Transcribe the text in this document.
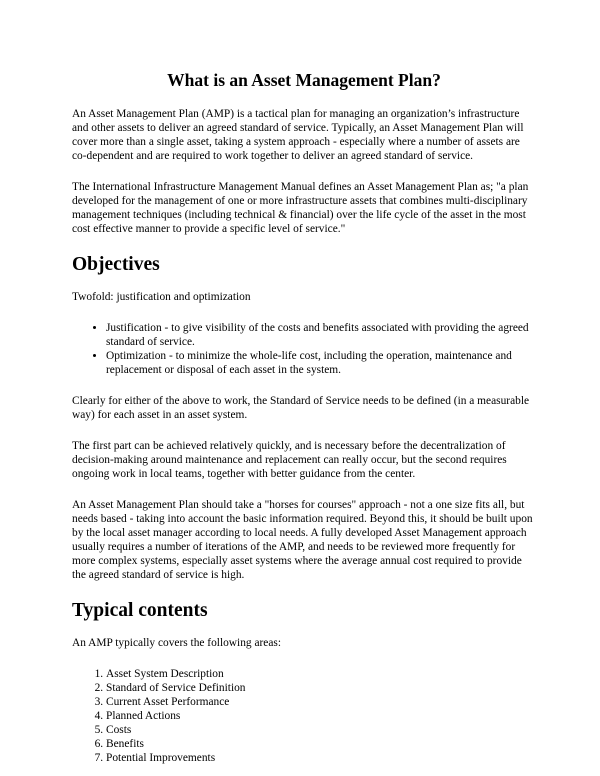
What is an Asset Management Plan?

An Asset Management Plan (AMP) is a tactical plan for managing an organization’s infrastructure and other assets to deliver an agreed standard of service. Typically, an Asset Management Plan will cover more than a single asset, taking a system approach - especially where a number of assets are co-dependent and are required to work together to deliver an agreed standard of service.

The International Infrastructure Management Manual defines an Asset Management Plan as; "a plan developed for the management of one or more infrastructure assets that combines multi-disciplinary management techniques (including technical & financial) over the life cycle of the asset in the most cost effective manner to provide a specific level of service."

Objectives

Twofold: justification and optimization

• Justification - to give visibility of the costs and benefits associated with providing the agreed standard of service.
• Optimization - to minimize the whole-life cost, including the operation, maintenance and replacement or disposal of each asset in the system.

Clearly for either of the above to work, the Standard of Service needs to be defined (in a measurable way) for each asset in an asset system.

The first part can be achieved relatively quickly, and is necessary before the decentralization of decision-making around maintenance and replacement can really occur, but the second requires ongoing work in local teams, together with better guidance from the center.

An Asset Management Plan should take a "horses for courses" approach - not a one size fits all, but needs based - taking into account the basic information required. Beyond this, it should be built upon by the local asset manager according to local needs. A fully developed Asset Management approach usually requires a number of iterations of the AMP, and needs to be reviewed more frequently for more complex systems, especially asset systems where the average annual cost required to provide the agreed standard of service is high.

Typical contents

An AMP typically covers the following areas:

1. Asset System Description
2. Standard of Service Definition
3. Current Asset Performance
4. Planned Actions
5. Costs
6. Benefits
7. Potential Improvements
